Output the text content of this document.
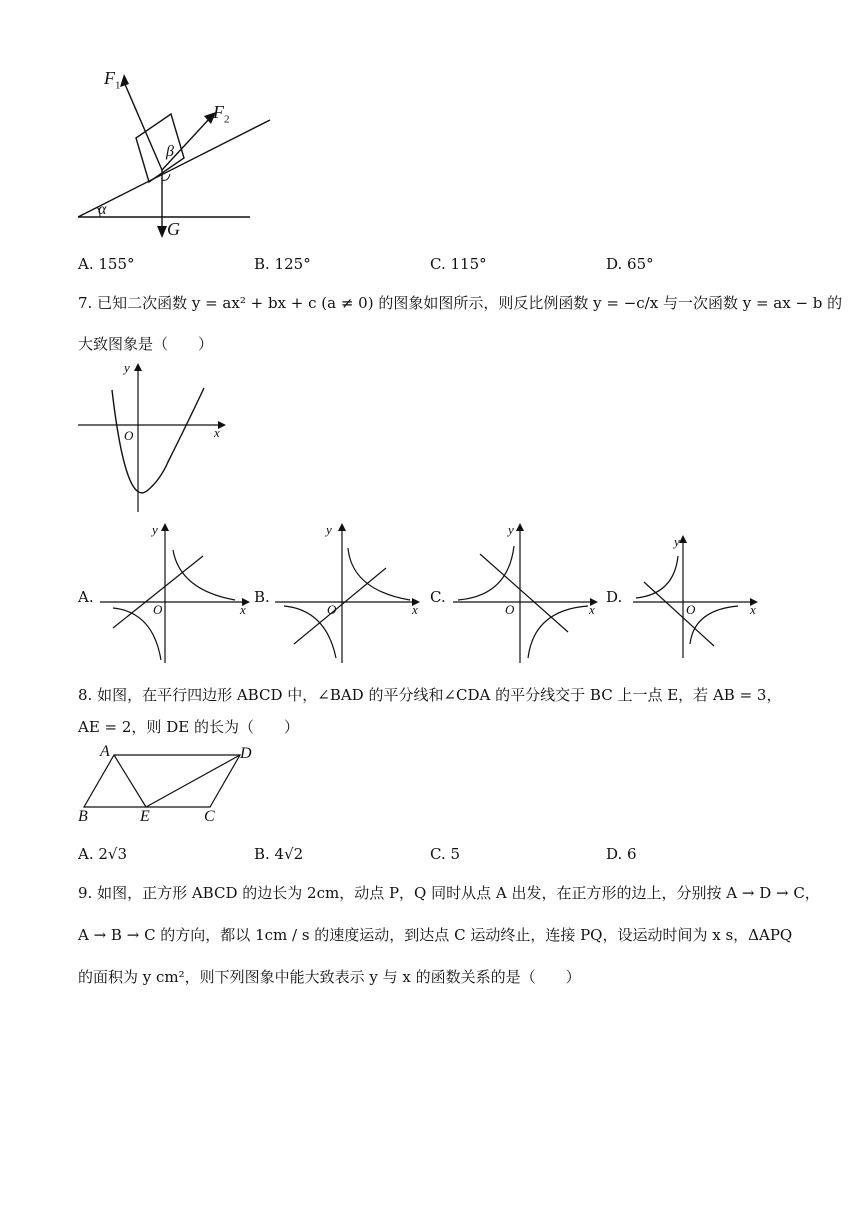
$F_1$
$F_2$
β
α
G
A. 155°	B. 125°	C. 115°	D. 65°
7. 已知二次函数 y = ax² + bx + c (a ≠ 0) 的图象如图所示，则反比例函数 y = −c/x 与一次函数 y = ax − b 的
大致图象是（　　）
y
x
O
A.
y
x
O
B.
y
x
O
C.
y
x
O
D.
y
x
O
8. 如图，在平行四边形 ABCD 中，∠BAD 的平分线和∠CDA 的平分线交于 BC 上一点 E，若 AB = 3，
AE = 2，则 DE 的长为（　　）
A	D
B	E	C
A. 2√3	B. 4√2	C. 5	D. 6
9. 如图，正方形 ABCD 的边长为 2cm，动点 P，Q 同时从点 A 出发，在正方形的边上，分别按 A → D → C，
A → B → C 的方向，都以 1cm / s 的速度运动，到达点 C 运动终止，连接 PQ，设运动时间为 x s，ΔAPQ
的面积为 y cm²，则下列图象中能大致表示 y 与 x 的函数关系的是（　　）
